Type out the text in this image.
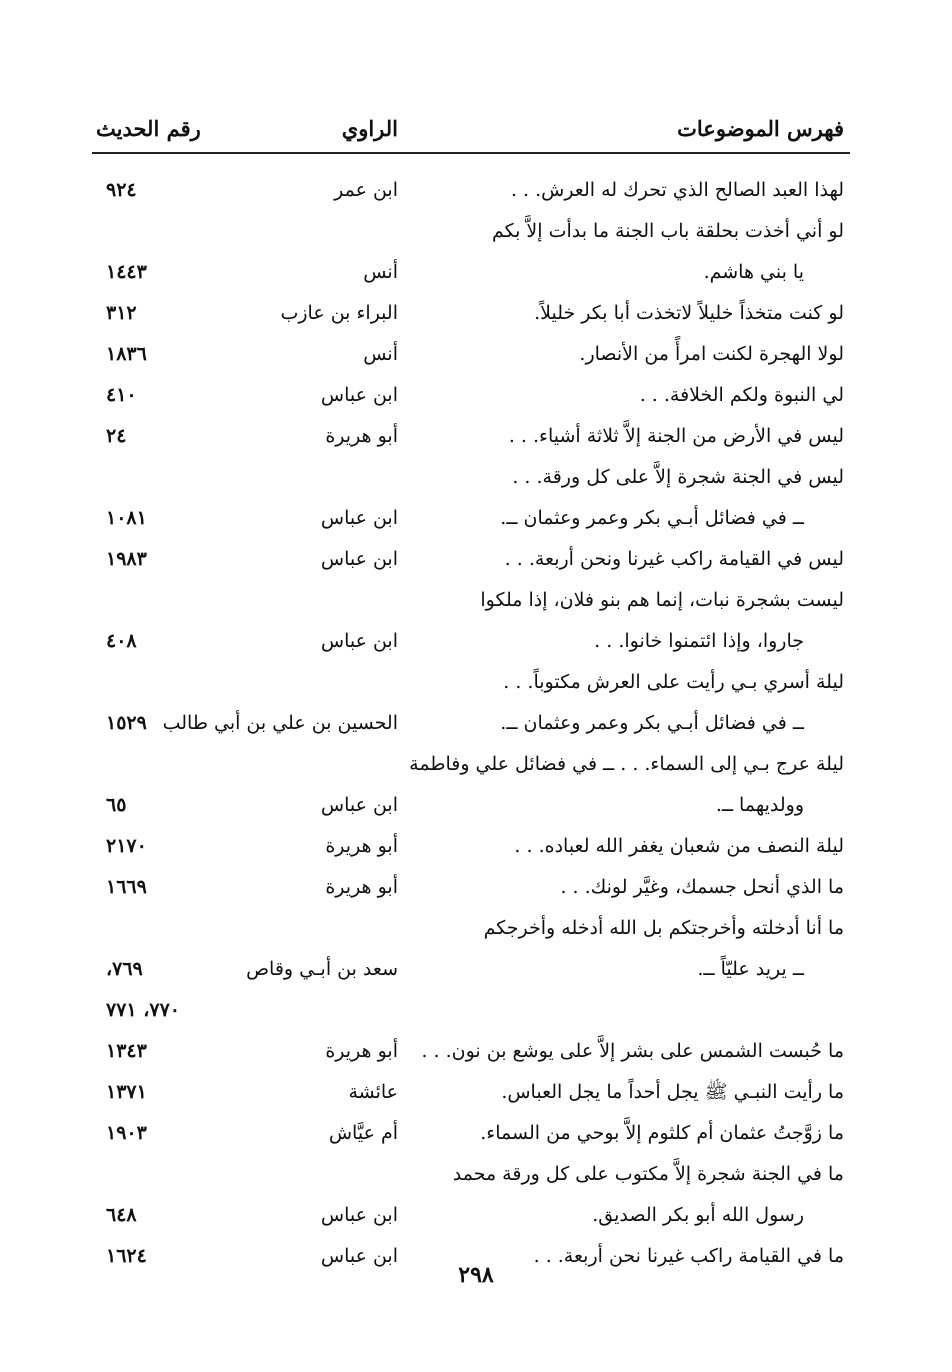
فهرس الموضوعات
الراوي
رقم الحديث
لهذا العبد الصالح الذي تحرك له العرش. . .
ابن عمر
٩٢٤
لو أني أخذت بحلقة باب الجنة ما بدأت إلاَّ بكم
يا بني هاشم.
أنس
١٤٤٣
لو كنت متخذاً خليلاً لاتخذت أبا بكر خليلاً.
البراء بن عازب
٣١٢
لولا الهجرة لكنت امرأً من الأنصار.
أنس
١٨٣٦
لي النبوة ولكم الخلافة. . .
ابن عباس
٤١٠
ليس في الأرض من الجنة إلاَّ ثلاثة أشياء. . .
أبو هريرة
٢٤
ليس في الجنة شجرة إلاَّ على كل ورقة. . .
ــ في فضائل أبـي بكر وعمر وعثمان ــ.
ابن عباس
١٠٨١
ليس في القيامة راكب غيرنا ونحن أربعة. . .
ابن عباس
١٩٨٣
ليست بشجرة نبات، إنما هم بنو فلان، إذا ملكوا
جاروا، وإذا ائتمنوا خانوا. . .
ابن عباس
٤٠٨
ليلة أسري بـي رأيت على العرش مكتوباً. . .
ــ في فضائل أبـي بكر وعمر وعثمان ــ.
الحسين بن علي بن أبي طالب
١٥٢٩
ليلة عرج بـي إلى السماء. . . ــ في فضائل علي وفاطمة
وولديهما ــ.
ابن عباس
٦٥
ليلة النصف من شعبان يغفر الله لعباده. . .
أبو هريرة
٢١٧٠
ما الذي أنحل جسمك، وغيَّر لونك. . .
أبو هريرة
١٦٦٩
ما أنا أدخلته وأخرجتكم بل الله أدخله وأخرجكم
ــ يريد عليّاً ــ.
سعد بن أبـي وقاص
٧٦٩،
٧٧٠، ٧٧١
ما حُبست الشمس على بشر إلاَّ على يوشع بن نون. . .
أبو هريرة
١٣٤٣
ما رأيت النبـي ﷺ يجل أحداً ما يجل العباس.
عائشة
١٣٧١
ما زوَّجتُ عثمان أم كلثوم إلاَّ بوحي من السماء.
أم عيَّاش
١٩٠٣
ما في الجنة شجرة إلاَّ مكتوب على كل ورقة محمد
رسول الله أبو بكر الصديق.
ابن عباس
٦٤٨
ما في القيامة راكب غيرنا نحن أربعة. . .
ابن عباس
١٦٢٤
٢٩٨
